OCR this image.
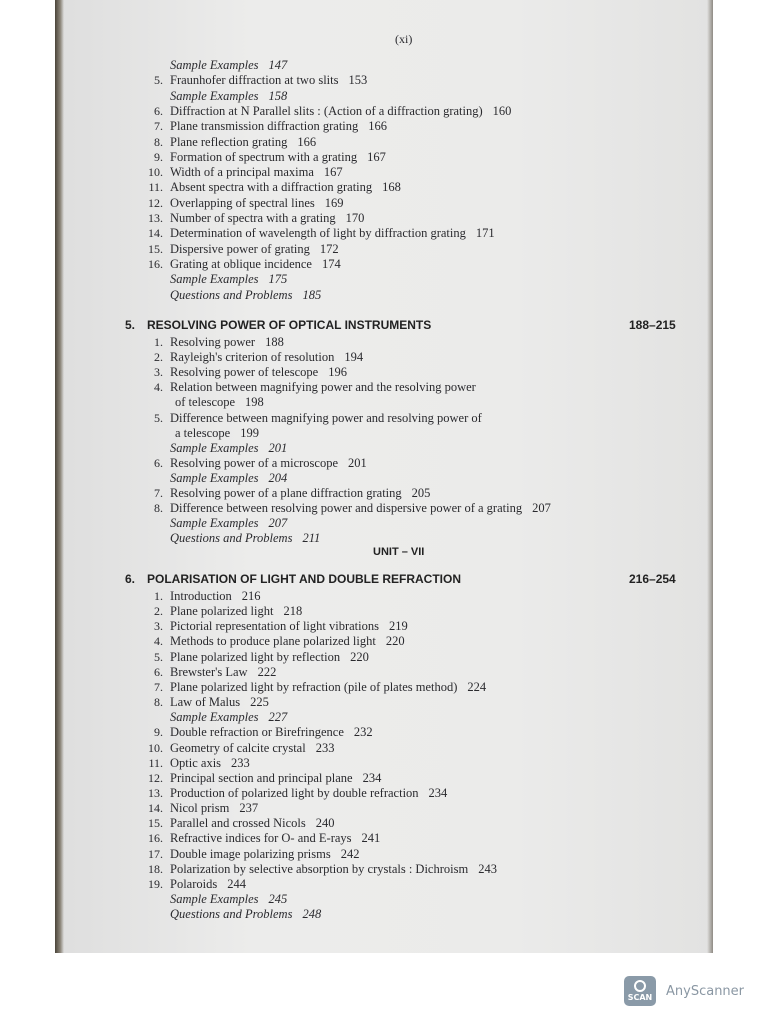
(xi)
Sample Examples 147
5. Fraunhofer diffraction at two slits 153
Sample Examples 158
6. Diffraction at N Parallel slits : (Action of a diffraction grating) 160
7. Plane transmission diffraction grating 166
8. Plane reflection grating 166
9. Formation of spectrum with a grating 167
10. Width of a principal maxima 167
11. Absent spectra with a diffraction grating 168
12. Overlapping of spectral lines 169
13. Number of spectra with a grating 170
14. Determination of wavelength of light by diffraction grating 171
15. Dispersive power of grating 172
16. Grating at oblique incidence 174
Sample Examples 175
Questions and Problems 185
5. RESOLVING POWER OF OPTICAL INSTRUMENTS	188–215
1. Resolving power 188
2. Rayleigh's criterion of resolution 194
3. Resolving power of telescope 196
4. Relation between magnifying power and the resolving power
of telescope 198
5. Difference between magnifying power and resolving power of
a telescope 199
Sample Examples 201
6. Resolving power of a microscope 201
Sample Examples 204
7. Resolving power of a plane diffraction grating 205
8. Difference between resolving power and dispersive power of a grating 207
Sample Examples 207
Questions and Problems 211
UNIT – VII
6. POLARISATION OF LIGHT AND DOUBLE REFRACTION	216–254
1. Introduction 216
2. Plane polarized light 218
3. Pictorial representation of light vibrations 219
4. Methods to produce plane polarized light 220
5. Plane polarized light by reflection 220
6. Brewster's Law 222
7. Plane polarized light by refraction (pile of plates method) 224
8. Law of Malus 225
Sample Examples 227
9. Double refraction or Birefringence 232
10. Geometry of calcite crystal 233
11. Optic axis 233
12. Principal section and principal plane 234
13. Production of polarized light by double refraction 234
14. Nicol prism 237
15. Parallel and crossed Nicols 240
16. Refractive indices for O- and E-rays 241
17. Double image polarizing prisms 242
18. Polarization by selective absorption by crystals : Dichroism 243
19. Polaroids 244
Sample Examples 245
Questions and Problems 248
SCAN AnyScanner
